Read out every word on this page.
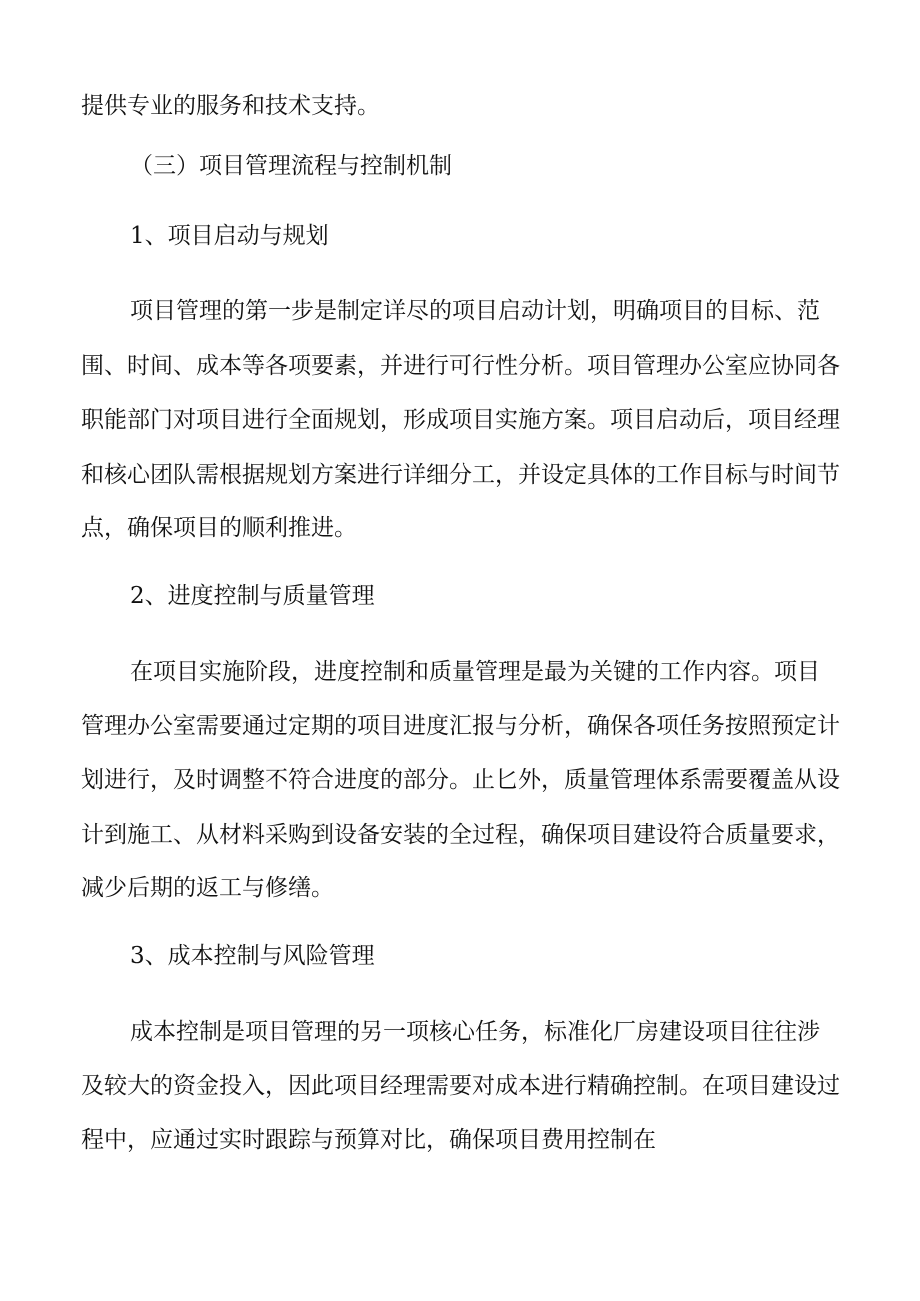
提供专业的服务和技术支持。

（三）项目管理流程与控制机制

1、项目启动与规划

项目管理的第一步是制定详尽的项目启动计划，明确项目的目标、范

围、时间、成本等各项要素，并进行可行性分析。项目管理办公室应协同各

职能部门对项目进行全面规划，形成项目实施方案。项目启动后，项目经理

和核心团队需根据规划方案进行详细分工，并设定具体的工作目标与时间节

点，确保项目的顺利推进。

2、进度控制与质量管理

在项目实施阶段，进度控制和质量管理是最为关键的工作内容。项目

管理办公室需要通过定期的项目进度汇报与分析，确保各项任务按照预定计

划进行，及时调整不符合进度的部分。止匕外，质量管理体系需要覆盖从设

计到施工、从材料采购到设备安装的全过程，确保项目建设符合质量要求，

减少后期的返工与修缮。

3、成本控制与风险管理

成本控制是项目管理的另一项核心任务，标准化厂房建设项目往往涉

及较大的资金投入，因此项目经理需要对成本进行精确控制。在项目建设过

程中，应通过实时跟踪与预算对比，确保项目费用控制在
